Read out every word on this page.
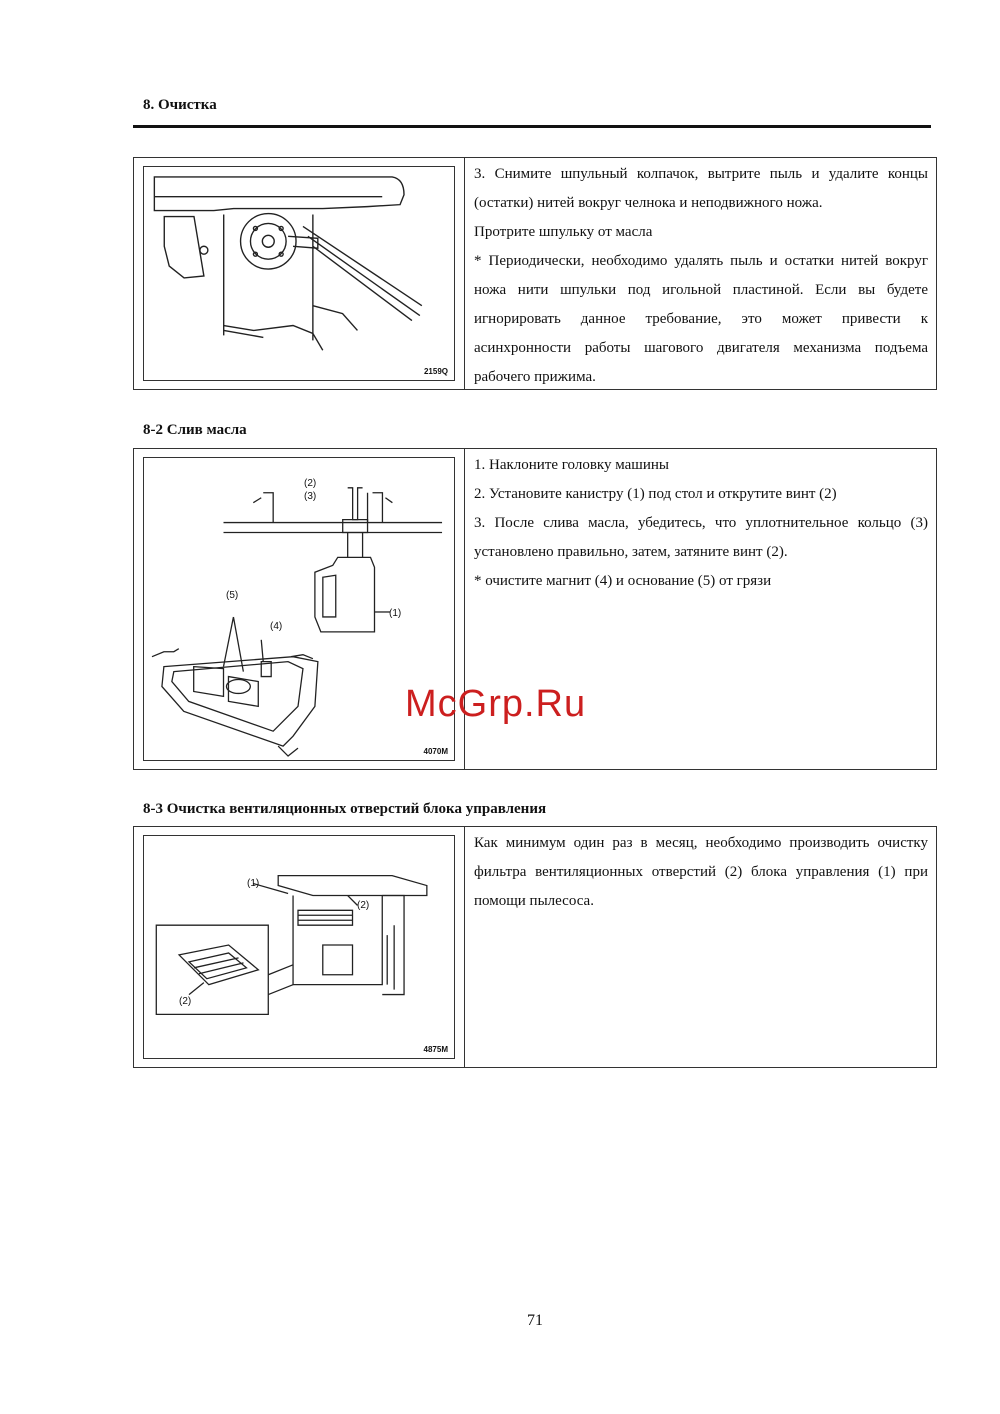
8. Очистка
2159Q

3. Снимите шпульный колпачок, вытрите пыль и удалите концы (остатки) нитей вокруг челнока и неподвижного ножа.

Протрите шпульку от масла

* Периодически, необходимо удалять пыль и остатки нитей вокруг ножа нити шпульки под игольной пластиной. Если вы будете игнорировать данное требование, это может привести к асинхронности работы шагового двигателя механизма подъема рабочего прижима.

8-2 Слив масла
(2)
(3)
(1)
(5)
(4)
4070M

1. Наклоните головку машины

2. Установите канистру (1) под стол и открутите винт (2)

3. После слива масла, убедитесь, что уплотнительное кольцо (3) установлено правильно, затем, затяните винт (2).

* очистите магнит (4) и основание (5) от грязи

8-3 Очистка вентиляционных отверстий блока управления
(1)
(2)
(2)
4875M

Как минимум один раз в месяц, необходимо производить очистку фильтра вентиляционных отверстий (2) блока управления (1) при помощи пылесоса.

McGrp.Ru
71
